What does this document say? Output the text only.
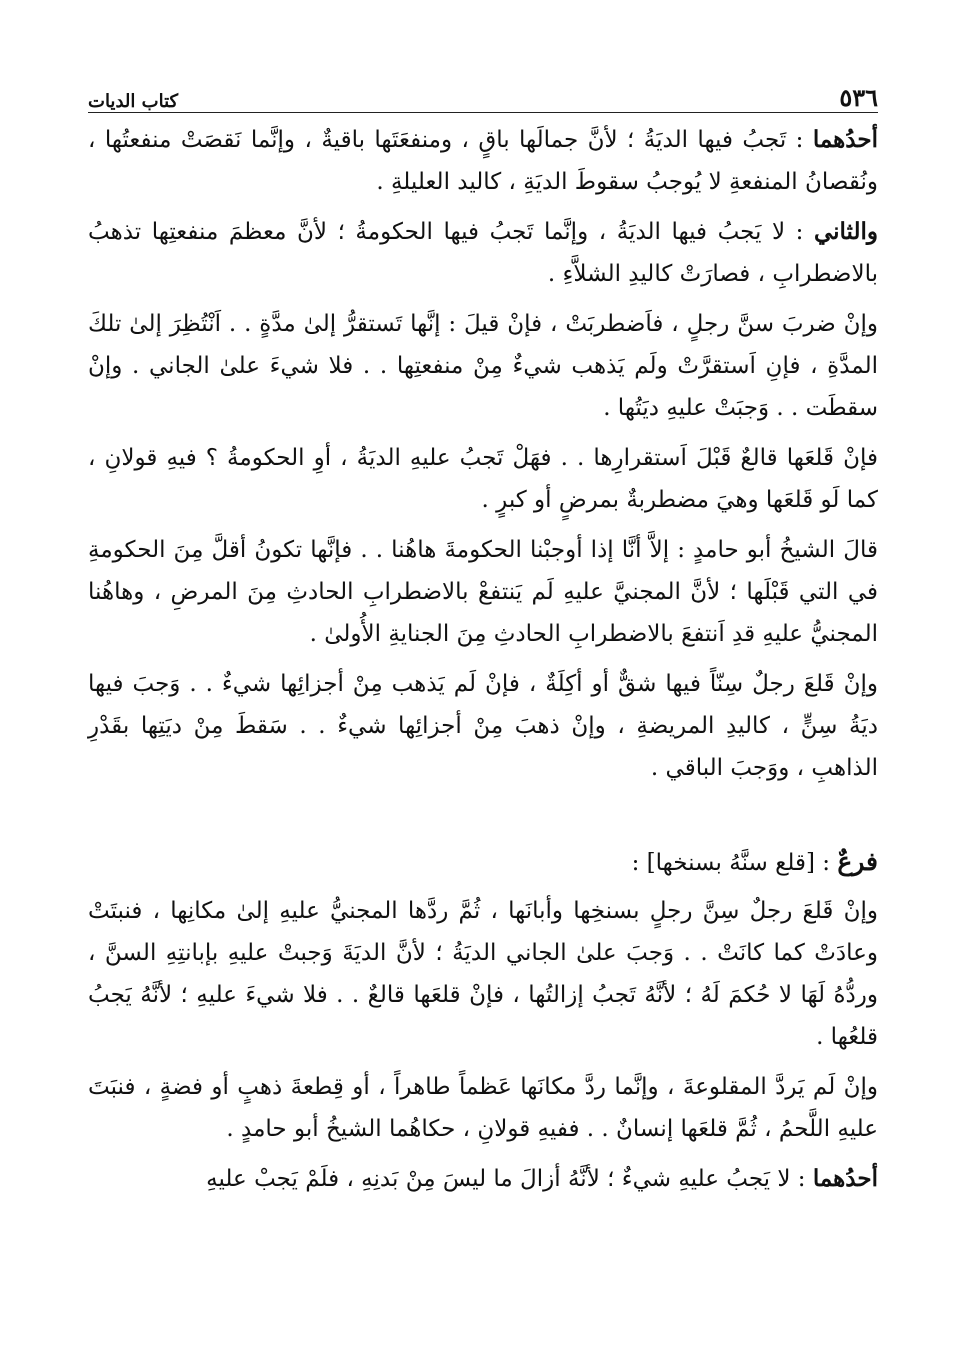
٥٣٦
كتاب الديات

أحدُهما : تَجبُ فيها الديَةُ ؛ لأنَّ جمالَها باقٍ ، ومنفعَتَها باقيةٌ ، وإنَّما نَقصَتْ منفعتُها ، ونُقصانُ المنفعةِ لا يُوجبُ سقوطَ الديَةِ ، كاليد العليلةِ .

والثاني : لا يَجبُ فيها الديَةُ ، وإنَّما تَجبُ فيها الحكومةُ ؛ لأنَّ معظمَ منفعتِها تذهبُ بالاضطرابِ ، فصارَتْ كاليدِ الشلاَّءِ .

وإنْ ضربَ سنَّ رجلٍ ، فاَضطربَتْ ، فإنْ قيلَ : إنَّها تَستقرُّ إلىٰ مدَّةٍ . . اَنْتُظِرَ إلىٰ تلكَ المدَّةِ ، فإنِ اَستقرَّتْ ولَم يَذهب شيءٌ مِنْ منفعتِها . . فلا شيءَ علىٰ الجاني . وإنْ سقطَت . . وَجبَتْ عليهِ ديَتُها .

فإنْ قَلعَها قالعٌ قَبْلَ اَستقرارِها . . فهَلْ تَجبُ عليهِ الديَةُ ، أوِ الحكومةُ ؟ فيهِ قولانِ ، كما لَو قَلعَها وهيَ مضطربةٌ بمرضٍ أو كبرٍ .

قالَ الشيخُ أبو حامدٍ : إلاَّ أنَّا إذا أوجبْنا الحكومةَ هاهُنا . . فإنَّها تكونُ أقلَّ مِنَ الحكومةِ في التي قَبْلَها ؛ لأنَّ المجنيَّ عليهِ لَم يَنتفعْ بالاضطرابِ الحادثِ مِنَ المرضِ ، وهاهُنا المجنيُّ عليهِ قدِ اَنتفعَ بالاضطرابِ الحادثِ مِنَ الجنايةِ الأُولىٰ .

وإنْ قَلعَ رجلٌ سِنّاً فيها شقٌّ أو أكِلَةٌ ، فإنْ لَم يَذهب مِنْ أجزائِها شيءٌ . . وَجبَ فيها ديَةُ سِنٍّ ، كاليدِ المريضةِ ، وإنْ ذهبَ مِنْ أجزائِها شيءٌ . . سَقطَ مِنْ ديَتِها بقَدْرِ الذاهبِ ، ووَجبَ الباقي .

فرعٌ : [قلع سنَّهُ بسنخها] :

وإنْ قَلعَ رجلٌ سِنَّ رجلٍ بسنخِها وأبانَها ، ثُمَّ ردَّها المجنيُّ عليهِ إلىٰ مكانِها ، فنبتَتْ وعادَتْ كما كانَتْ . . وَجبَ علىٰ الجاني الديَةُ ؛ لأنَّ الديَةَ وَجبتْ عليهِ بإبانتِهِ السنَّ ، وردُّهُ لَهَا لا حُكمَ لَهُ ؛ لأنَّهُ تَجبُ إزالتُها ، فإنْ قلعَها قالعٌ . . فلا شيءَ عليهِ ؛ لأنَّهُ يَجبُ قلعُها .

وإنْ لَم يَردَّ المقلوعةَ ، وإنَّما ردَّ مكانَها عَظماً طاهراً ، أو قِطعةَ ذهبٍ أو فضةٍ ، فنبَتَ عليهِ اللَّحمُ ، ثُمَّ قلعَها إنسانٌ . . ففيهِ قولانِ ، حكاهُما الشيخُ أبو حامدٍ .

أحدُهما : لا يَجبُ عليهِ شيءٌ ؛ لأنَّهُ أزالَ ما ليسَ مِنْ بَدنِهِ ، فلَمْ يَجبْ عليهِ
